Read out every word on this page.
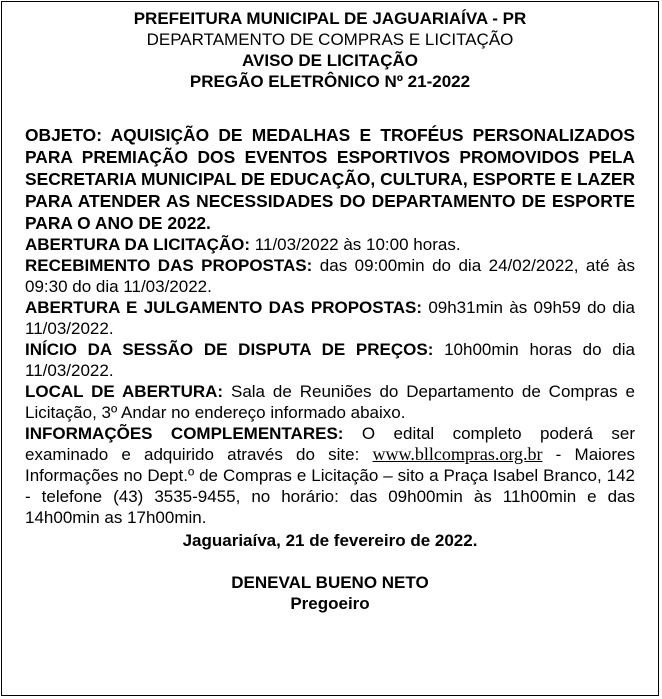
PREFEITURA MUNICIPAL DE JAGUARIAÍVA - PR
DEPARTAMENTO DE COMPRAS E LICITAÇÃO
AVISO DE LICITAÇÃO
PREGÃO ELETRÔNICO Nº 21-2022
OBJETO: AQUISIÇÃO DE MEDALHAS E TROFÉUS PERSONALIZADOS PARA PREMIAÇÃO DOS EVENTOS ESPORTIVOS PROMOVIDOS PELA SECRETARIA MUNICIPAL DE EDUCAÇÃO, CULTURA, ESPORTE E LAZER PARA ATENDER AS NECESSIDADES DO DEPARTAMENTO DE ESPORTE PARA O ANO DE 2022.

ABERTURA DA LICITAÇÃO: 11/03/2022 às 10:00 horas.

RECEBIMENTO DAS PROPOSTAS: das 09:00min do dia 24/02/2022, até às 09:30 do dia 11/03/2022.

ABERTURA E JULGAMENTO DAS PROPOSTAS: 09h31min às 09h59 do dia 11/03/2022.

INÍCIO DA SESSÃO DE DISPUTA DE PREÇOS: 10h00min horas do dia 11/03/2022.

LOCAL DE ABERTURA: Sala de Reuniões do Departamento de Compras e Licitação, 3º Andar no endereço informado abaixo.

INFORMAÇÕES COMPLEMENTARES: O edital completo poderá ser examinado e adquirido através do site: www.bllcompras.org.br - Maiores Informações no Dept.º de Compras e Licitação – sito a Praça Isabel Branco, 142 - telefone (43) 3535-9455, no horário: das 09h00min às 11h00min e das 14h00min as 17h00min.

Jaguariaíva, 21 de fevereiro de 2022.
DENEVAL BUENO NETO
Pregoeiro
